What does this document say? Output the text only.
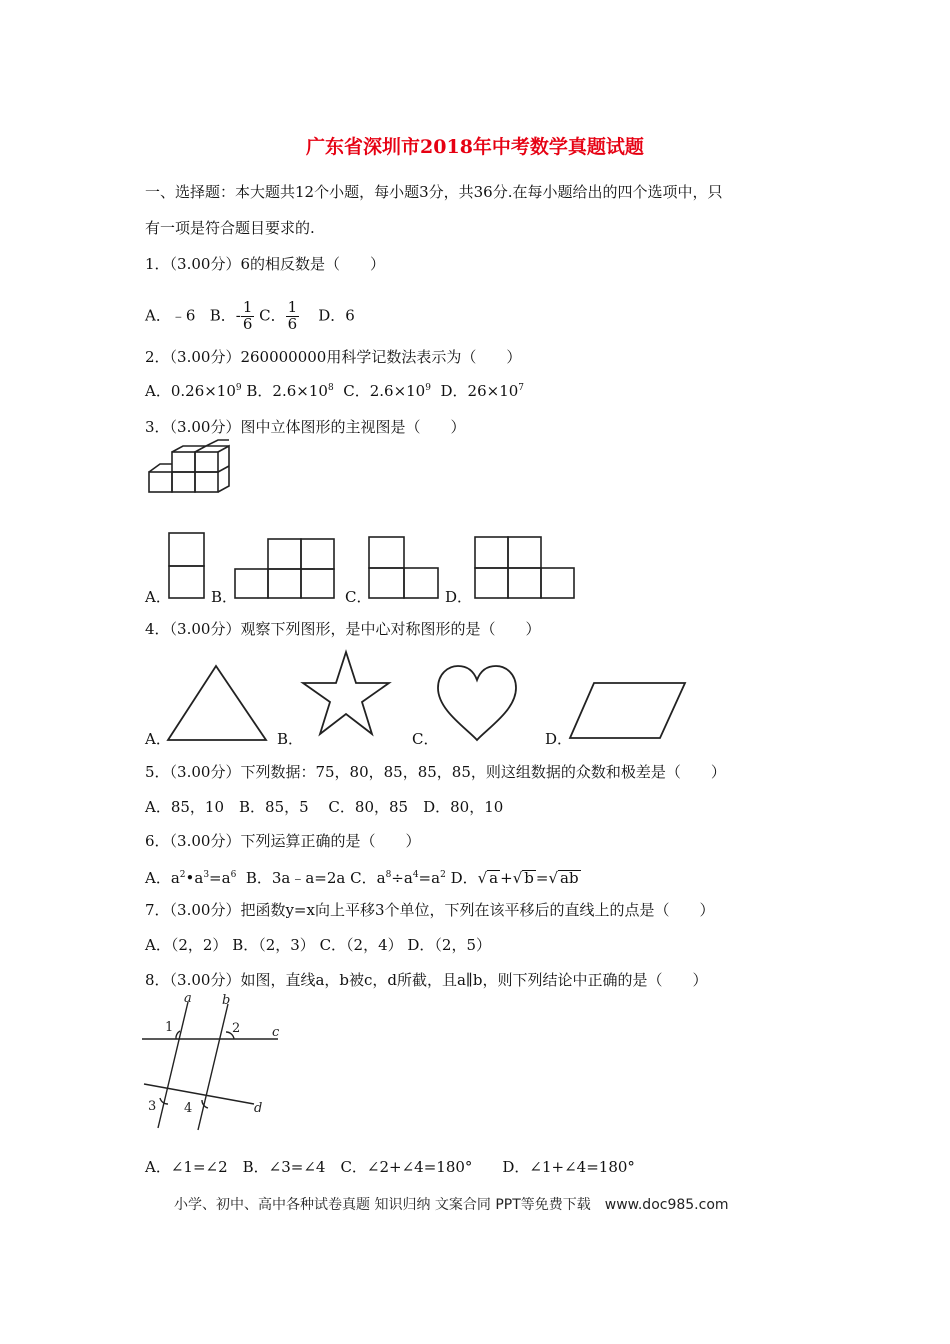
广东省深圳市2018年中考数学真题试题
一、选择题：本大题共12个小题，每小题3分，共36分.在每小题给出的四个选项中，只
有一项是符合题目要求的.
1．（3.00分）6的相反数是（　　）
A．﹣6 B．- $\frac{1}{6}$ C． $\frac{1}{6}$ D．6
2．（3.00分）260000000用科学记数法表示为（　　）
A．$0.26\times 10^9$ B．$2.6\times 10^8$ C．$2.6\times 10^9$ D．$26\times 10^7$
3．（3.00分）图中立体图形的主视图是（　　）
A．	B．	C．	D．
4．（3.00分）观察下列图形，是中心对称图形的是（　　）
A．	B．	C．	D．
5．（3.00分）下列数据：75，80，85，85，85，则这组数据的众数和极差是（　　）
A．85，10　B．85，5　 C．80，85　D．80，10
6．（3.00分）下列运算正确的是（　　）
A．$a^2•a^3=a^6$ B．3a﹣a=2a C．$a^8\div a^4=a^2$ D．√ a +√ b =√ ab
7．（3.00分）把函数y=x向上平移3个单位，下列在该平移后的直线上的点是（　　）
A．（2，2） B．（2，3） C．（2，4） D．（2，5）
8．（3.00分）如图，直线a，b被c，d所截，且a∥b，则下列结论中正确的是（　　）
a b
c
d
1	2
3 4
A．∠1=∠2　B．∠3=∠4　C．∠2+∠4=180°　　D．∠1+∠4=180°
小学、初中、高中各种试卷真题 知识归纳 文案合同 PPT等免费下载　www.doc985.com
